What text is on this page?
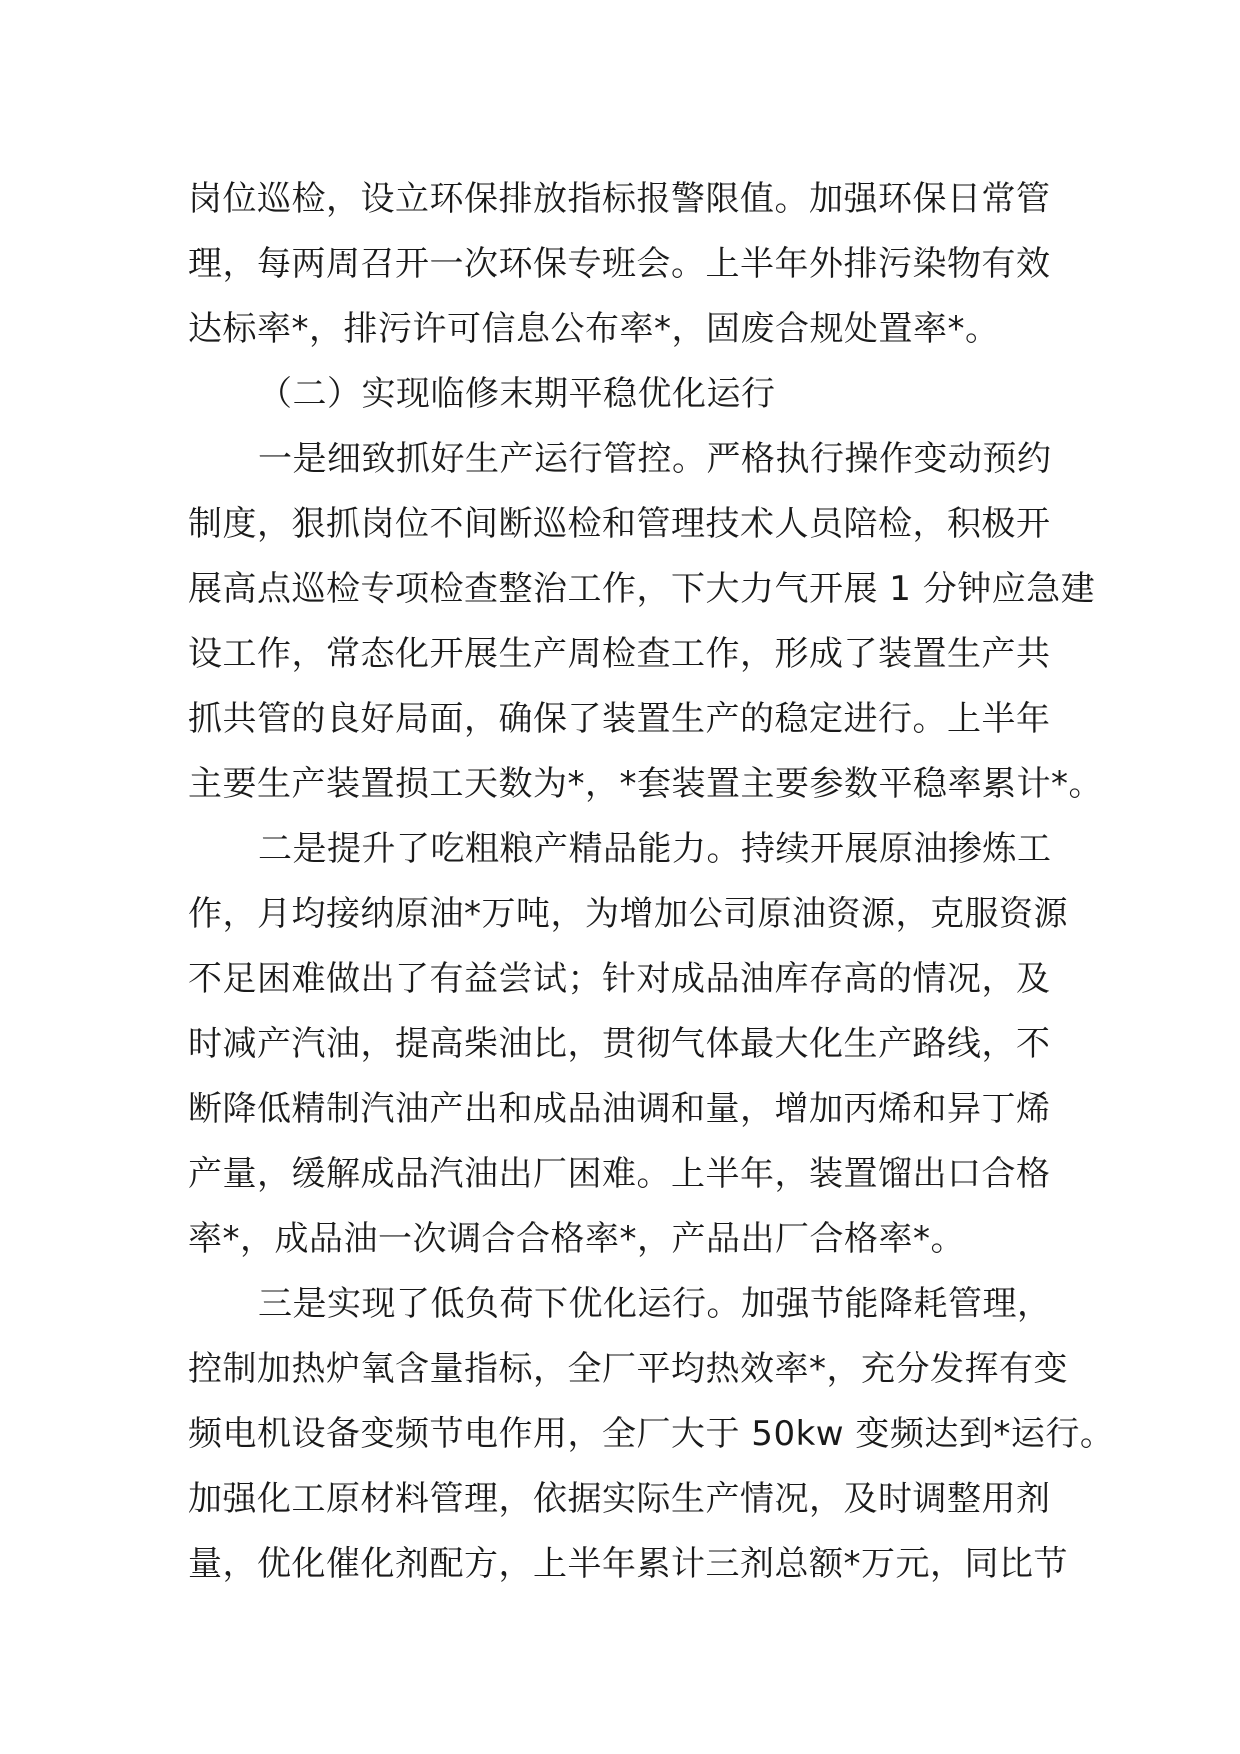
岗位巡检，设立环保排放指标报警限值。加强环保日常管
理，每两周召开一次环保专班会。上半年外排污染物有效
达标率*，排污许可信息公布率*，固废合规处置率*。
（二）实现临修末期平稳优化运行
一是细致抓好生产运行管控。严格执行操作变动预约
制度，狠抓岗位不间断巡检和管理技术人员陪检，积极开
展高点巡检专项检查整治工作，下大力气开展 1 分钟应急建
设工作，常态化开展生产周检查工作，形成了装置生产共
抓共管的良好局面，确保了装置生产的稳定进行。上半年
主要生产装置损工天数为*，*套装置主要参数平稳率累计*。
二是提升了吃粗粮产精品能力。持续开展原油掺炼工
作，月均接纳原油*万吨，为增加公司原油资源，克服资源
不足困难做出了有益尝试；针对成品油库存高的情况，及
时减产汽油，提高柴油比，贯彻气体最大化生产路线，不
断降低精制汽油产出和成品油调和量，增加丙烯和异丁烯
产量，缓解成品汽油出厂困难。上半年，装置馏出口合格
率*，成品油一次调合合格率*，产品出厂合格率*。
三是实现了低负荷下优化运行。加强节能降耗管理，
控制加热炉氧含量指标，全厂平均热效率*，充分发挥有变
频电机设备变频节电作用，全厂大于 50kw 变频达到*运行。
加强化工原材料管理，依据实际生产情况，及时调整用剂
量，优化催化剂配方，上半年累计三剂总额*万元，同比节
